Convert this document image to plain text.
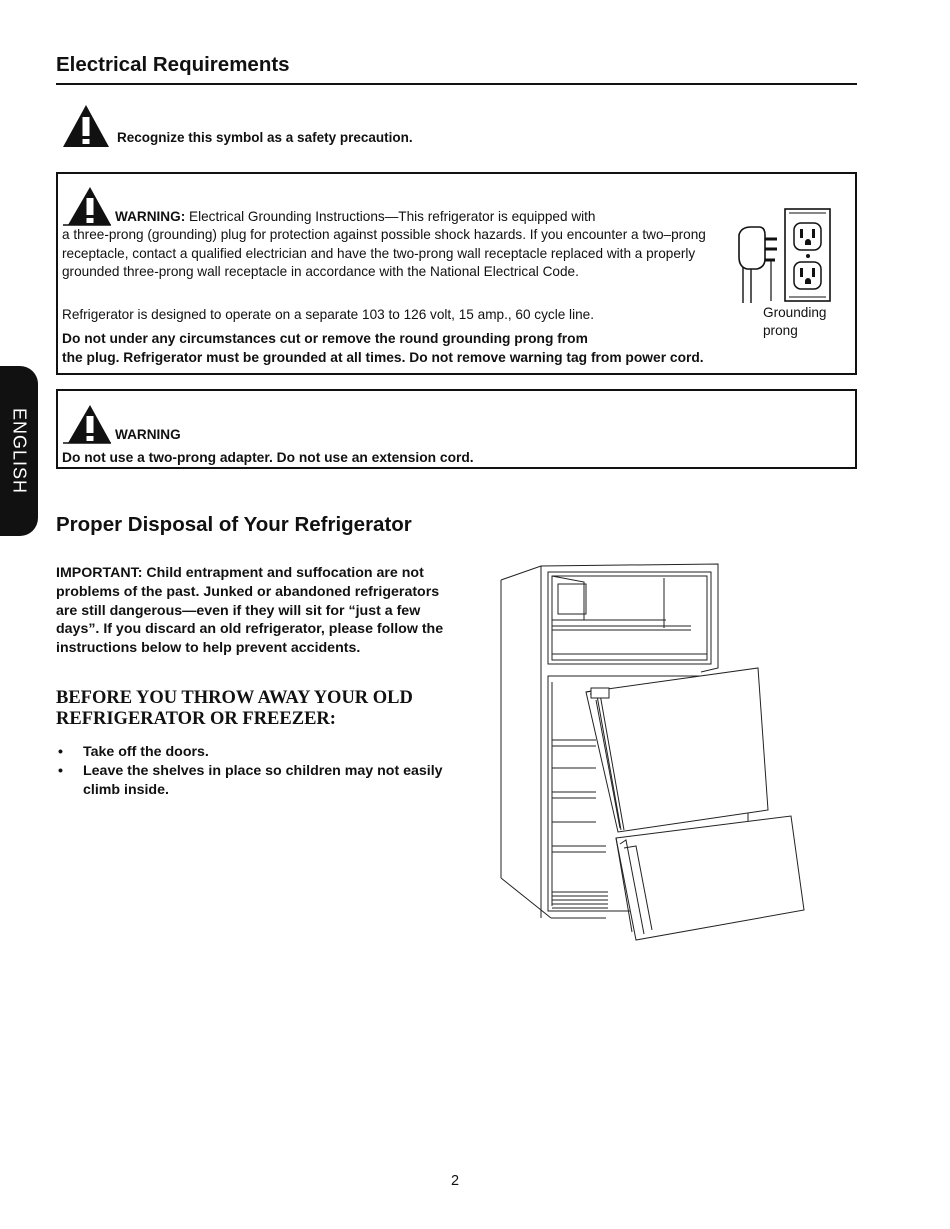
Electrical Requirements
Recognize this symbol as a safety precaution.
WARNING: Electrical Grounding Instructions—This refrigerator is equipped with

a three-prong (grounding) plug for protection against possible shock hazards. If you encounter a two–prong receptacle, contact a qualified electrician and have the two-prong wall receptacle replaced with a properly grounded three-prong wall receptacle in accordance with the National Electrical Code.

Refrigerator is designed to operate on a separate 103 to 126 volt, 15 amp., 60 cycle line.

Do not under any circumstances cut or remove the round grounding prong from

the plug. Refrigerator must be grounded at all times. Do not remove warning tag from power cord.

Grounding
prong
WARNING
Do not use a two-prong adapter. Do not use an extension cord.
ENGLISH
Proper Disposal of Your Refrigerator

IMPORTANT: Child entrapment and suffocation are not problems of the past. Junked or abandoned refrigerators are still dangerous—even if they will sit for “just a few days”. If you discard an old refrigerator, please follow the instructions below to help prevent accidents.

BEFORE YOU THROW AWAY YOUR OLD REFRIGERATOR OR FREEZER:

• Take off the doors.
• Leave the shelves in place so children may not easily climb inside.
2
